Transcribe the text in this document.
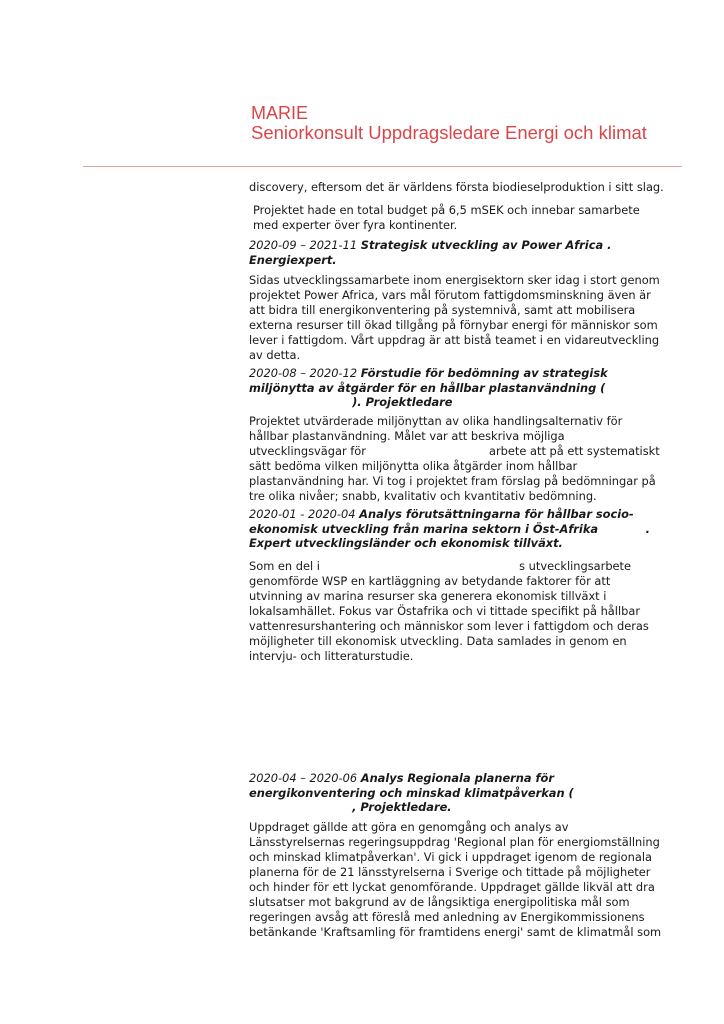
MARIE
Seniorkonsult Uppdragsledare Energi och klimat
discovery, eftersom det är världens första biodieselproduktion i sitt slag.
Projektet hade en total budget på 6,5 mSEK och innebar samarbete
med experter över fyra kontinenter.
2020-09 – 2021-11 Strategisk utveckling av Power Africa .
Energiexpert.
Sidas utvecklingssamarbete inom energisektorn sker idag i stort genom
projektet Power Africa, vars mål förutom fattigdomsminskning även är
att bidra till energikonventering på systemnivå, samt att mobilisera
externa resurser till ökad tillgång på förnybar energi för människor som
lever i fattigdom. Vårt uppdrag är att bistå teamet i en vidareutveckling
av detta.
2020-08 – 2020-12 Förstudie för bedömning av strategisk
miljönytta av åtgärder för en hållbar plastanvändning (
). Projektledare
Projektet utvärderade miljönyttan av olika handlingsalternativ för
hållbar plastanvändning. Målet var att beskriva möjliga
utvecklingsvägar för                                  arbete att på ett systematiskt
sätt bedöma vilken miljönytta olika åtgärder inom hållbar
plastanvändning har. Vi tog i projektet fram förslag på bedömningar på
tre olika nivåer; snabb, kvalitativ och kvantitativ bedömning.
2020-01 - 2020-04 Analys förutsättningarna för hållbar socio-
ekonomisk utveckling från marina sektorn i Öst-Afrika            .
Expert utvecklingsländer och ekonomisk tillväxt.
Som en del i                                                       s utvecklingsarbete
genomförde WSP en kartläggning av betydande faktorer för att
utvinning av marina resurser ska generera ekonomisk tillväxt i
lokalsamhället. Fokus var Östafrika och vi tittade specifikt på hållbar
vattenresurshantering och människor som lever i fattigdom och deras
möjligheter till ekonomisk utveckling. Data samlades in genom en
intervju- och litteraturstudie.
2020-04 – 2020-06 Analys Regionala planerna för
energikonventering och minskad klimatpåverkan (
, Projektledare.
Uppdraget gällde att göra en genomgång och analys av
Länsstyrelsernas regeringsuppdrag 'Regional plan för energiomställning
och minskad klimatpåverkan'. Vi gick i uppdraget igenom de regionala
planerna för de 21 länsstyrelserna i Sverige och tittade på möjligheter
och hinder för ett lyckat genomförande. Uppdraget gällde likväl att dra
slutsatser mot bakgrund av de långsiktiga energipolitiska mål som
regeringen avsåg att föreslå med anledning av Energikommissionens
betänkande 'Kraftsamling för framtidens energi' samt de klimatmål som
